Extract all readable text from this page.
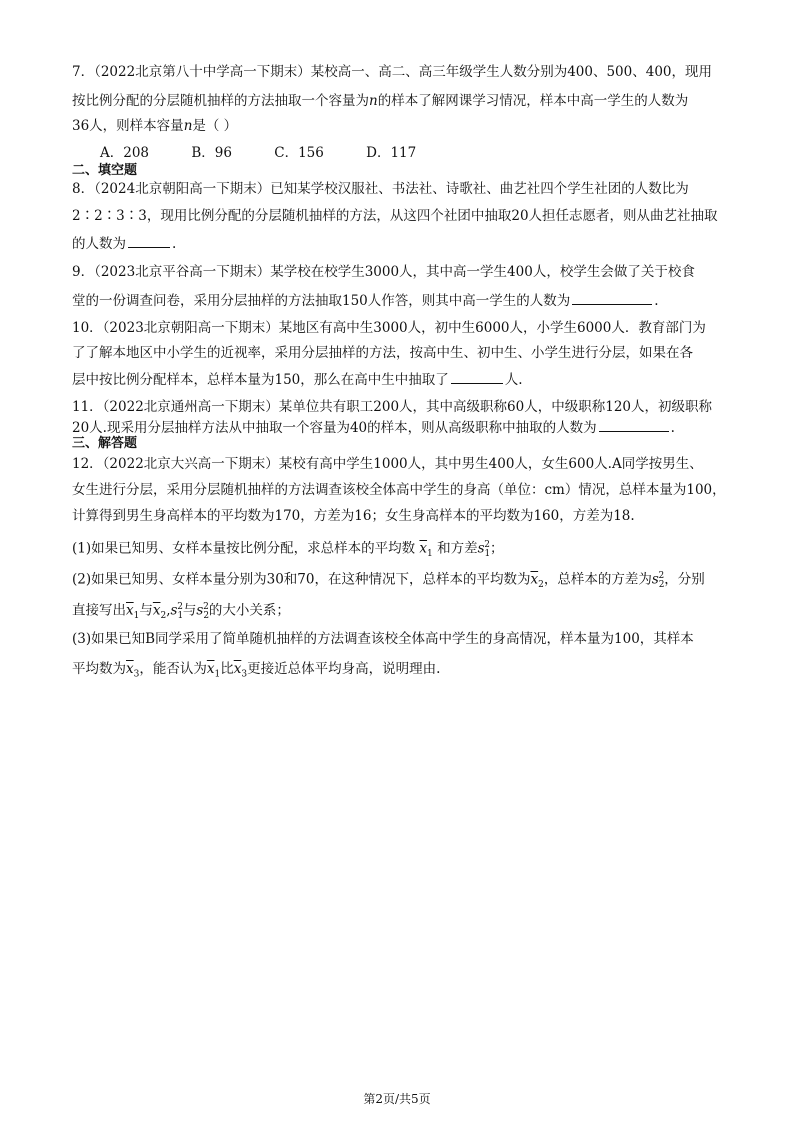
7．（2022北京第八十中学高一下期末）某校高一、高二、高三年级学生人数分别为400、500、400，现用
按比例分配的分层随机抽样的方法抽取一个容量为n的样本了解网课学习情况，样本中高一学生的人数为
36人，则样本容量n是（ ）
A．208	B．96	C．156	D．117
二、填空题
8．（2024北京朝阳高一下期末）已知某学校汉服社、书法社、诗歌社、曲艺社四个学生社团的人数比为
2∶2∶3∶3，现用比例分配的分层随机抽样的方法，从这四个社团中抽取20人担任志愿者，则从曲艺社抽取
的人数为	.
9．（2023北京平谷高一下期末）某学校在校学生3000人，其中高一学生400人，校学生会做了关于校食
堂的一份调查问卷，采用分层抽样的方法抽取150人作答，则其中高一学生的人数为	.
10．（2023北京朝阳高一下期末）某地区有高中生3000人，初中生6000人，小学生6000人．教育部门为
了了解本地区中小学生的近视率，采用分层抽样的方法，按高中生、初中生、小学生进行分层，如果在各
层中按比例分配样本，总样本量为150，那么在高中生中抽取了	人.
11．（2022北京通州高一下期末）某单位共有职工200人，其中高级职称60人，中级职称120人，初级职称
20人.现采用分层抽样方法从中抽取一个容量为40的样本，则从高级职称中抽取的人数为	.
三、解答题
12．（2022北京大兴高一下期末）某校有高中学生1000人，其中男生400人，女生600人.A同学按男生、
女生进行分层，采用分层随机抽样的方法调查该校全体高中学生的身高（单位：cm）情况，总样本量为100，
计算得到男生身高样本的平均数为170，方差为16；女生身高样本的平均数为160，方差为18.
(1)如果已知男、女样本量按比例分配，求总样本的平均数 $\overline{x}_1$ 和方差$s_1^2$；
(2)如果已知男、女样本量分别为30和70，在这种情况下，总样本的平均数为$\overline{x}_2$，总样本的方差为$s_2^2$，分别
直接写出$\overline{x}_1$与$\overline{x}_2,s_1^2$与$s_2^2$的大小关系；
(3)如果已知B同学采用了简单随机抽样的方法调查该校全体高中学生的身高情况，样本量为100，其样本
平均数为$\overline{x}_3$，能否认为$\overline{x}_1$比$\overline{x}_3$更接近总体平均身高，说明理由.
第2页/共5页
